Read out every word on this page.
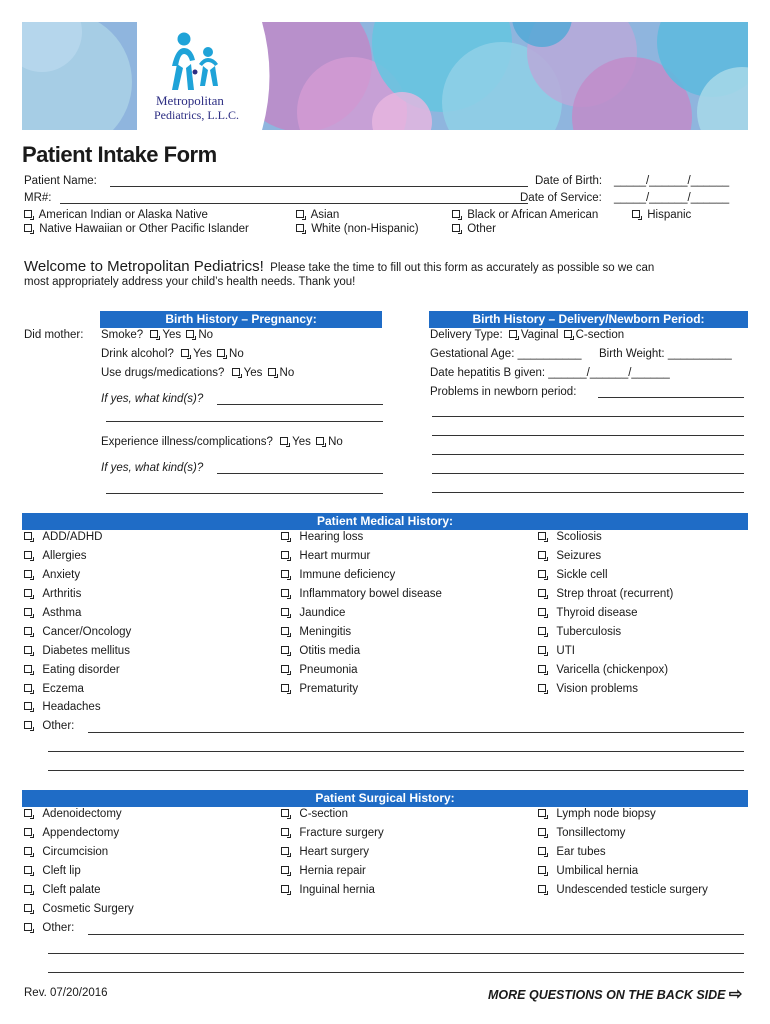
Metropolitan
Pediatrics, L.L.C.
Patient Intake Form
Patient Name:	Date of Birth: _____/______/______
MR#:	Date of Service: _____/______/______
American Indian or Alaska Native	Asian	Black or African American	Hispanic
Native Hawaiian or Other Pacific Islander	White (non-Hispanic)	Other
Welcome to Metropolitan Pediatrics! Please take the time to fill out this form as accurately as possible so we can
most appropriately address your child’s health needs. Thank you!
Birth History – Pregnancy:	Birth History – Delivery/Newborn Period:
Did mother: Smoke? Yes No
Drink alcohol? Yes No
Use drugs/medications? Yes No
If yes, what kind(s)?
Experience illness/complications? Yes No
If yes, what kind(s)?
Delivery Type: Vaginal C-section
Gestational Age: __________ Birth Weight: __________
Date hepatitis B given: ______/______/______
Problems in newborn period:
Patient Medical History:
ADD/ADHD
Allergies
Anxiety
Arthritis
Asthma
Cancer/Oncology
Diabetes mellitus
Eating disorder
Eczema
Headaches
Hearing loss
Heart murmur
Immune deficiency
Inflammatory bowel disease
Jaundice
Meningitis
Otitis media
Pneumonia
Prematurity
Scoliosis
Seizures
Sickle cell
Strep throat (recurrent)
Thyroid disease
Tuberculosis
UTI
Varicella (chickenpox)
Vision problems
Other:
Patient Surgical History:
Adenoidectomy
Appendectomy
Circumcision
Cleft lip
Cleft palate
Cosmetic Surgery
C-section
Fracture surgery
Heart surgery
Hernia repair
Inguinal hernia
Lymph node biopsy
Tonsillectomy
Ear tubes
Umbilical hernia
Undescended testicle surgery
Other:
Rev. 07/20/2016	MORE QUESTIONS ON THE BACK SIDE ⇨
